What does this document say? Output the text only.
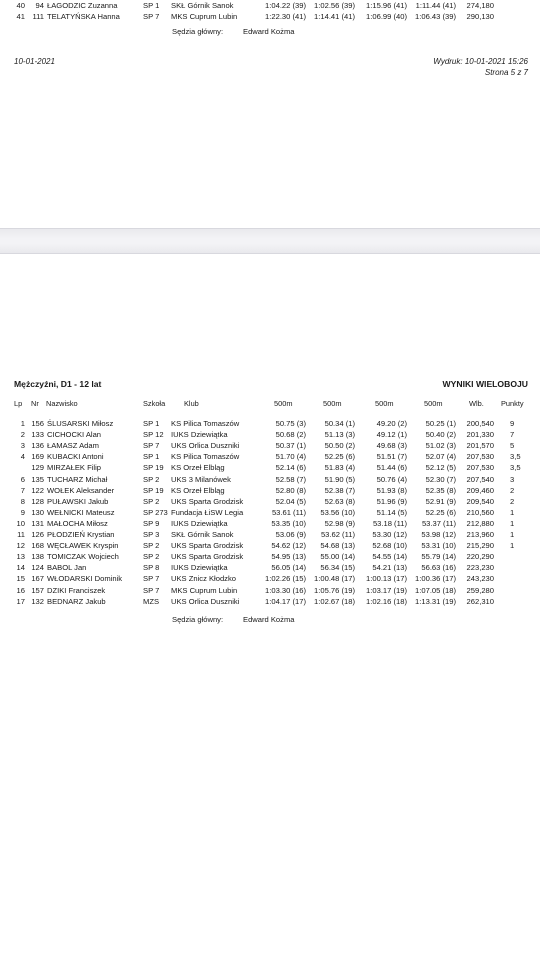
40	94 ŁAGODZIC Zuzanna	SP 1 SKŁ Górnik Sanok	1:04.22 (39)	1:02.56 (39)	1:15.96 (41)	1:11.44 (41)	274,180
41 111 TELATYŃSKA Hanna	SP 7 MKS Cuprum Lubin	1:22.30 (41)	1:14.41 (41)	1:06.99 (40)	1:06.43 (39)	290,130
Sędzia główny:	Edward Kożma
10-01-2021	Wydruk: 10-01-2021 15:26
Strona 5 z 7
Mężczyźni, D1 - 12 lat	WYNIKI WIELOBOJU
Lp Nr Nazwisko	Szkoła	Klub	500m	500m	500m	500m	Wlb. Punkty
1 156 ŚLUSARSKI Miłosz	SP 1 KS Pilica Tomaszów	50.75 (3)	50.34 (1)	49.20 (2)	50.25 (1)	200,540 9
2 133 CICHOCKI Alan	SP 12 IUKS Dziewiątka	50.68 (2)	51.13 (3)	49.12 (1)	50.40 (2)	201,330 7
3 136 ŁAMASZ Adam	SP 7 UKS Orlica Duszniki	50.37 (1)	50.50 (2)	49.68 (3)	51.02 (3)	201,570 5
4 169 KUBACKI Antoni	SP 1 KS Pilica Tomaszów	51.70 (4)	52.25 (6)	51.51 (7)	52.07 (4)	207,530 3,5
129 MIRZAŁEK Filip	SP 19 KS Orzeł Elbląg	52.14 (6)	51.83 (4)	51.44 (6)	52.12 (5)	207,530 3,5
6 135 TUCHARZ Michał	SP 2 UKS 3 Milanówek	52.58 (7)	51.90 (5)	50.76 (4)	52.30 (7)	207,540 3
7 122 WOŁEK Aleksander	SP 19 KS Orzeł Elbląg	52.80 (8)	52.38 (7)	51.93 (8)	52.35 (8)	209,460 2
8 128 PUŁAWSKI Jakub	SP 2 UKS Sparta Grodzisk	52.04 (5)	52.63 (8)	51.96 (9)	52.91 (9)	209,540 2
9 130 WEŁNICKI Mateusz	SP 273 Fundacja ŁiSW Legia	53.61 (11)	53.56 (10)	51.14 (5)	52.25 (6)	210,560 1
10 131 MAŁOCHA Miłosz	SP 9 IUKS Dziewiątka	53.35 (10)	52.98 (9)	53.18 (11)	53.37 (11)	212,880 1
11 126 PŁODZIEŃ Krystian	SP 3 SKŁ Górnik Sanok	53.06 (9)	53.62 (11)	53.30 (12)	53.98 (12)	213,960 1
12 168 WĘCŁAWEK Kryspin	SP 2 UKS Sparta Grodzisk	54.62 (12)	54.68 (13)	52.68 (10)	53.31 (10)	215,290 1
13 138 TOMICZAK Wojciech	SP 2 UKS Sparta Grodzisk	54.95 (13)	55.00 (14)	54.55 (14)	55.79 (14)	220,290
14 124 BABOL Jan	SP 8 IUKS Dziewiątka	56.05 (14)	56.34 (15)	54.21 (13)	56.63 (16)	223,230
15 167 WŁODARSKI Dominik	SP 7 UKS Znicz Kłodzko	1:02.26 (15)	1:00.48 (17)	1:00.13 (17)	1:00.36 (17)	243,230
16 157 DZIKI Franciszek	SP 7 MKS Cuprum Lubin	1:03.30 (16)	1:05.76 (19)	1:03.17 (19)	1:07.05 (18)	259,280
17 132 BEDNARZ Jakub	MZS UKS Orlica Duszniki	1:04.17 (17)	1:02.67 (18)	1:02.16 (18)	1:13.31 (19)	262,310
Sędzia główny:	Edward Kożma
